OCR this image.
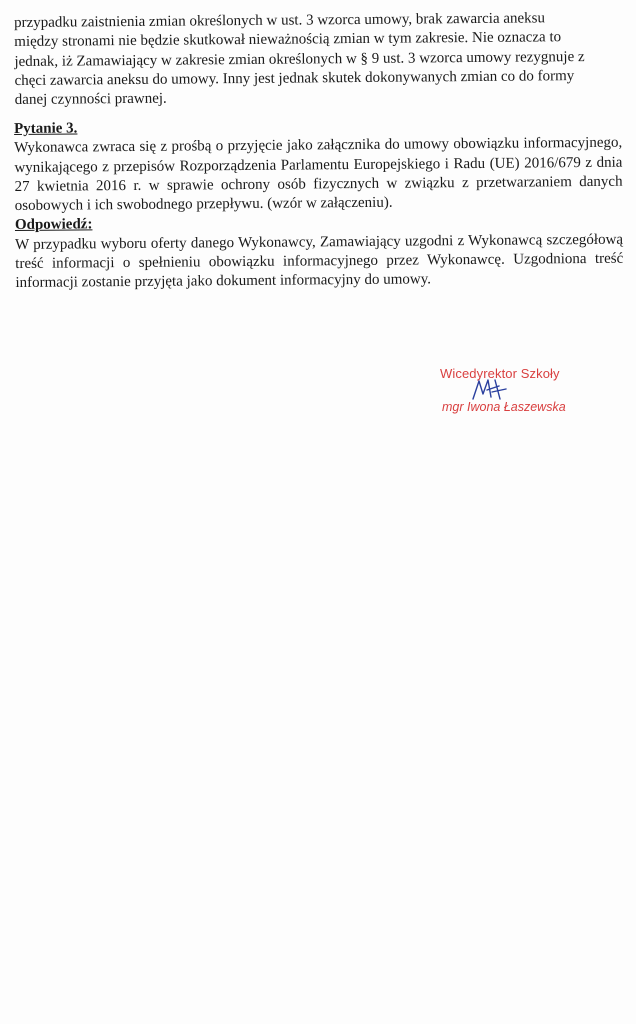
przypadku zaistnienia zmian określonych w ust. 3 wzorca umowy, brak zawarcia aneksu

między stronami nie będzie skutkował nieważnością zmian w tym zakresie. Nie oznacza to

jednak, iż Zamawiający w zakresie zmian określonych w § 9 ust. 3 wzorca umowy rezygnuje z

chęci zawarcia aneksu do umowy. Inny jest jednak skutek dokonywanych zmian co do formy

danej czynności prawnej.

Pytanie 3.

Wykonawca zwraca się z prośbą o przyjęcie jako załącznika do umowy obowiązku informacyjnego, wynikającego z przepisów Rozporządzenia Parlamentu Europejskiego i Radu (UE) 2016/679 z dnia 27 kwietnia 2016 r. w sprawie ochrony osób fizycznych w związku z przetwarzaniem danych osobowych i ich swobodnego przepływu. (wzór w załączeniu).

Odpowiedź:

W przypadku wyboru oferty danego Wykonawcy, Zamawiający uzgodni z Wykonawcą szczegółową treść informacji o spełnieniu obowiązku informacyjnego przez Wykonawcę. Uzgodniona treść informacji zostanie przyjęta jako dokument informacyjny do umowy.

Wicedyrektor Szkoły
mgr Iwona Łaszewska
